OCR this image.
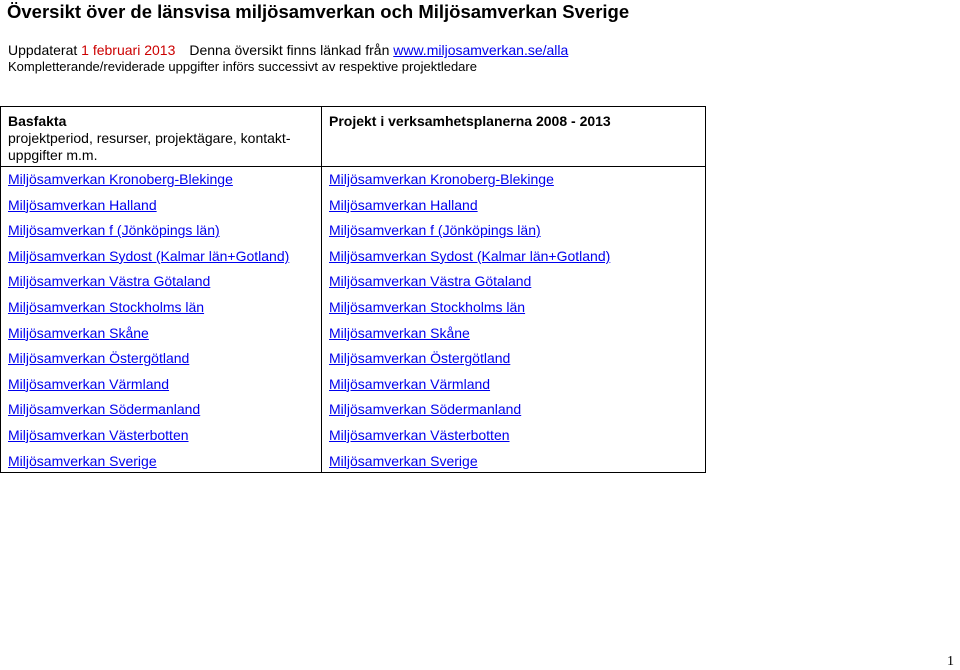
Översikt över de länsvisa miljösamverkan och Miljösamverkan Sverige
Uppdaterat 1 februari 2013 Denna översikt finns länkad från www.miljosamverkan.se/alla
Kompletterande/reviderade uppgifter införs successivt av respektive projektledare
Basfakta
projektperiod, resurser, projektägare, kontakt-uppgifter m.m.
Projekt i verksamhetsplanerna 2008 - 2013
Miljösamverkan Kronoberg-Blekinge
Miljösamverkan Halland
Miljösamverkan f (Jönköpings län)
Miljösamverkan Sydost (Kalmar län+Gotland)
Miljösamverkan Västra Götaland
Miljösamverkan Stockholms län
Miljösamverkan Skåne
Miljösamverkan Östergötland
Miljösamverkan Värmland
Miljösamverkan Södermanland
Miljösamverkan Västerbotten
Miljösamverkan Sverige
Miljösamverkan Kronoberg-Blekinge
Miljösamverkan Halland
Miljösamverkan f (Jönköpings län)
Miljösamverkan Sydost (Kalmar län+Gotland)
Miljösamverkan Västra Götaland
Miljösamverkan Stockholms län
Miljösamverkan Skåne
Miljösamverkan Östergötland
Miljösamverkan Värmland
Miljösamverkan Södermanland
Miljösamverkan Västerbotten
Miljösamverkan Sverige
1
